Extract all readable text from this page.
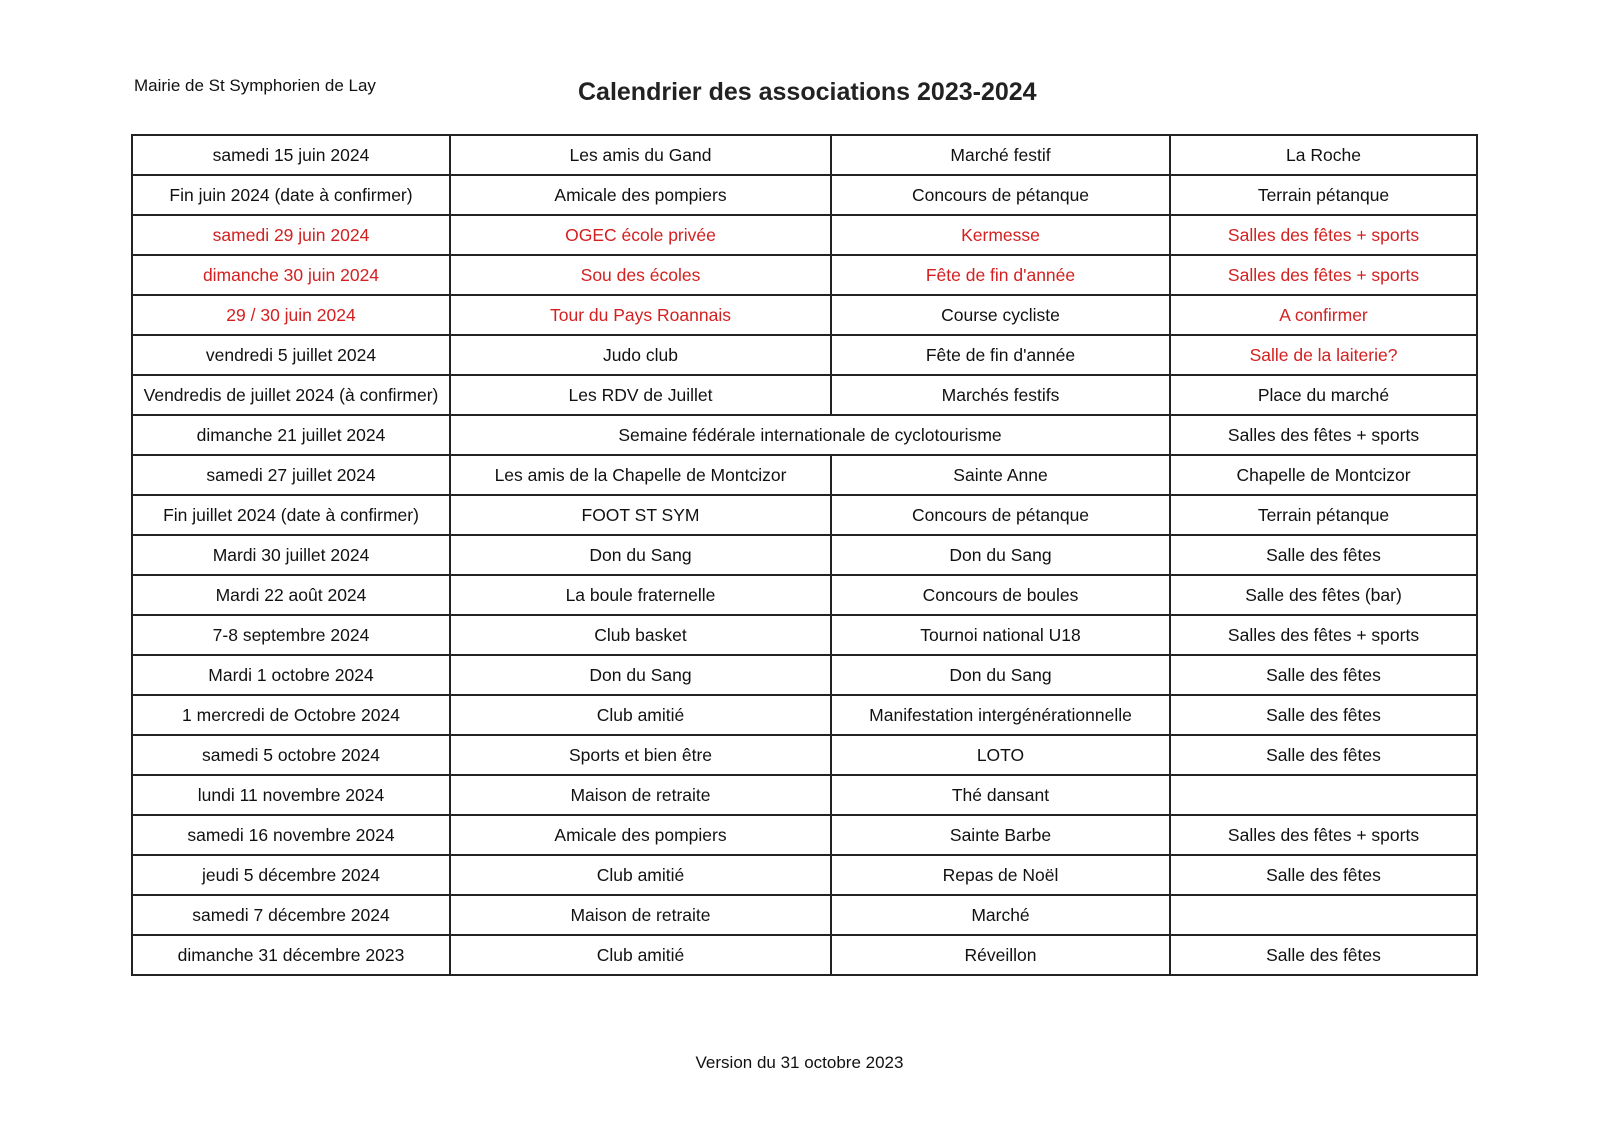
Mairie de St Symphorien de Lay	Calendrier des associations 2023-2024
samedi 15 juin 2024	Les amis du Gand	Marché festif	La Roche
Fin juin 2024 (date à confirmer)	Amicale des pompiers	Concours de pétanque	Terrain pétanque
samedi 29 juin 2024	OGEC école privée	Kermesse	Salles des fêtes + sports
dimanche 30 juin 2024	Sou des écoles	Fête de fin d'année	Salles des fêtes + sports
29 / 30 juin 2024	Tour du Pays Roannais	Course cycliste	A confirmer
vendredi 5 juillet 2024	Judo club	Fête de fin d'année	Salle de la laiterie?
Vendredis de juillet 2024 (à confirmer)	Les RDV de Juillet	Marchés festifs	Place du marché
dimanche 21 juillet 2024	Semaine fédérale internationale de cyclotourisme		Salles des fêtes + sports
samedi 27 juillet 2024	Les amis de la Chapelle de Montcizor	Sainte Anne	Chapelle de Montcizor
Fin juillet 2024 (date à confirmer)	FOOT ST SYM	Concours de pétanque	Terrain pétanque
Mardi 30 juillet 2024	Don du Sang	Don du Sang	Salle des fêtes
Mardi 22 août 2024	La boule fraternelle	Concours de boules	Salle des fêtes (bar)
7-8 septembre 2024	Club basket	Tournoi national U18	Salles des fêtes + sports
Mardi 1 octobre 2024	Don du Sang	Don du Sang	Salle des fêtes
1 mercredi de Octobre 2024	Club amitié	Manifestation intergénérationnelle	Salle des fêtes
samedi 5 octobre 2024	Sports et bien être	LOTO	Salle des fêtes
lundi 11 novembre 2024	Maison de retraite	Thé dansant	
samedi 16 novembre 2024	Amicale des pompiers	Sainte Barbe	Salles des fêtes + sports
jeudi 5 décembre 2024	Club amitié	Repas de Noël	Salle des fêtes
samedi 7 décembre 2024	Maison de retraite	Marché	
dimanche 31 décembre 2023	Club amitié	Réveillon	Salle des fêtes
Version du 31 octobre 2023
